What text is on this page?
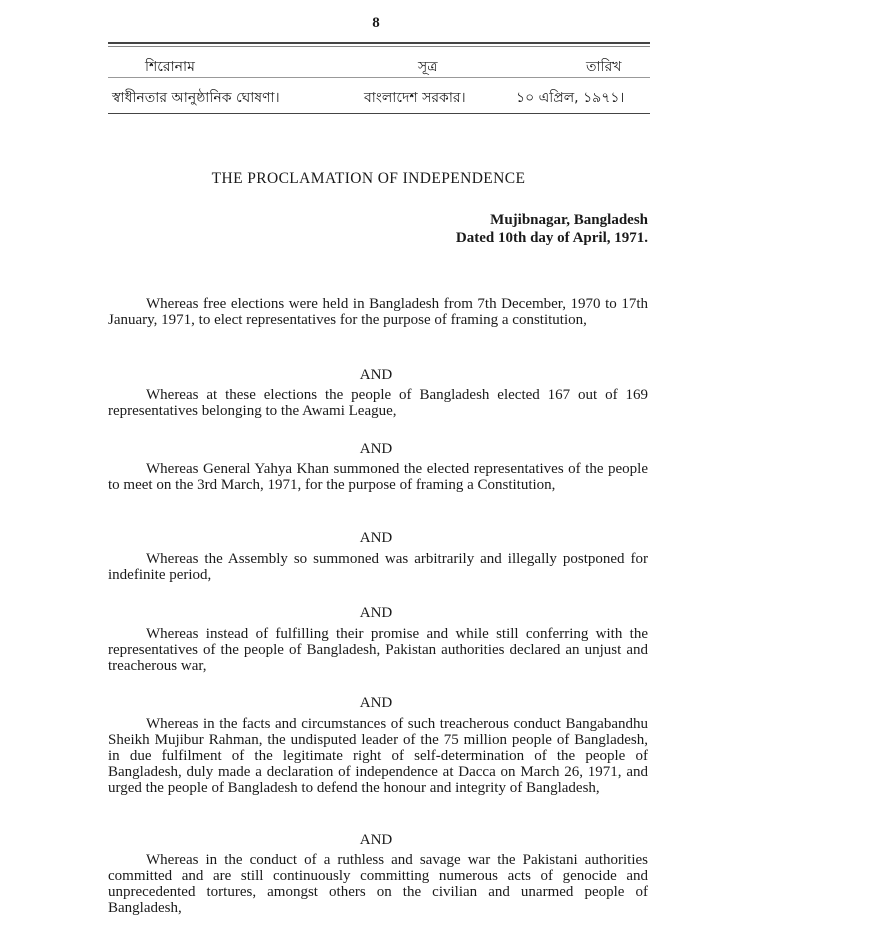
8
শিরোনাম	সূত্র	তারিখ
স্বাধীনতার আনুষ্ঠানিক ঘোষণা।	বাংলাদেশ সরকার।	১০ এপ্রিল, ১৯৭১।
THE PROCLAMATION OF INDEPENDENCE
Mujibnagar, Bangladesh
Dated 10th day of April, 1971.

Whereas free elections were held in Bangladesh from 7th December, 1970 to 17th January, 1971, to elect representatives for the purpose of framing a constitution,

AND

Whereas at these elections the people of Bangladesh elected 167 out of 169 representatives belonging to the Awami League,

AND

Whereas General Yahya Khan summoned the elected representatives of the people to meet on the 3rd March, 1971, for the purpose of framing a Constitution,

AND

Whereas the Assembly so summoned was arbitrarily and illegally postponed for indefinite period,

AND

Whereas instead of fulfilling their promise and while still conferring with the representatives of the people of Bangladesh, Pakistan authorities declared an unjust and treacherous war,

AND

Whereas in the facts and circumstances of such treacherous conduct Bangabandhu Sheikh Mujibur Rahman, the undisputed leader of the 75 million people of Bangladesh, in due fulfilment of the legitimate right of self-determination of the people of Bangladesh, duly made a declaration of independence at Dacca on March 26, 1971, and urged the people of Bangladesh to defend the honour and integrity of Bangladesh,

AND

Whereas in the conduct of a ruthless and savage war the Pakistani authorities committed and are still continuously committing numerous acts of genocide and unprecedented tortures, amongst others on the civilian and unarmed people of Bangladesh,
